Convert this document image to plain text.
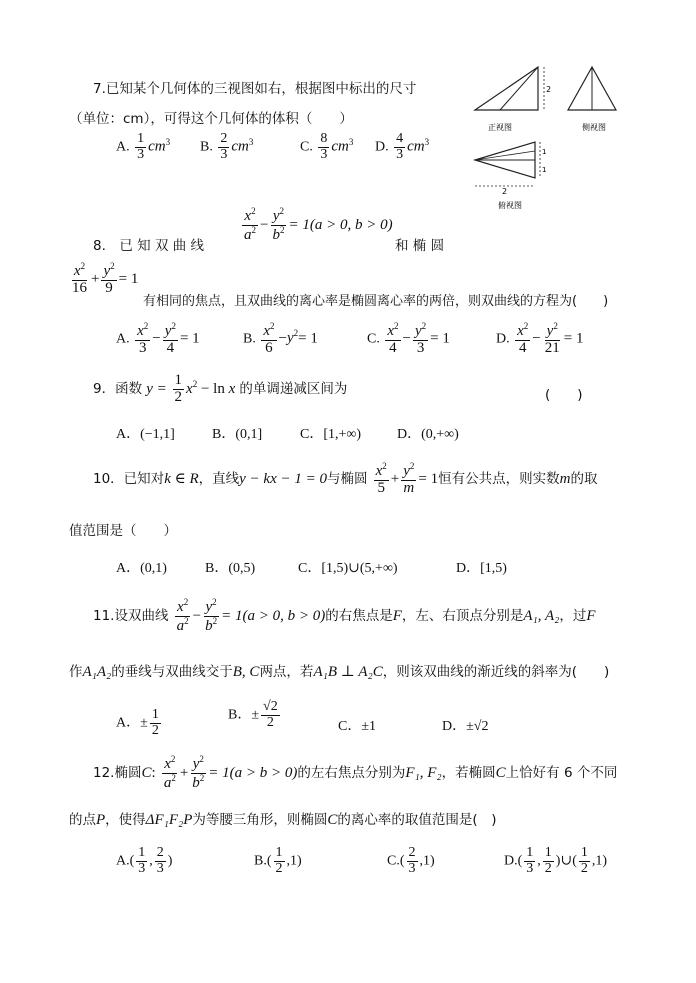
7.已知某个几何体的三视图如右，根据图中标出的尺寸
（单位：cm），可得这个几何体的体积（　　）
A. $\frac{1}{3} cm^3$ B. $\frac{2}{3} cm^3$	C. $\frac{8}{3} cm^3$ D. $\frac{4}{3} cm^3$
2
正视图	侧视图
1
1
2
俯视图
8.　已 知 双 曲 线
$\frac{x^2}{a^2} - \frac{y^2}{b^2} = 1(a > 0$, b > 0)
和 椭 圆
$\frac{x^2}{16} + \frac{y^2}{9} = 1$
有相同的焦点，且双曲线的离心率是椭圆离心率的两倍，则双曲线的方程为(　　)
A. $\frac{x^2}{3} - \frac{y^2}{4} = 1$	B. $\frac{x^2}{6} -y^2= 1$	C. $\frac{x^2}{4} - \frac{y^2}{3} = 1$	D. $\frac{x^2}{4} - \frac{y^2}{21} = 1$
9．函数 $y = \frac{1}{2} x^2 - \ln x$ 的单调递减区间为	(　　)
A．(−1,1]	B．(0,1]	C．[1,+∞)	D．(0,+∞)
10．已知对k ∈ R，直线y − kx − 1 = 0与椭圆 $\frac{x^2}{5} + \frac{y^2}{m} = 1$恒有公共点，则实数m的取
值范围是（　　）
A．(0,1)	B．(0,5)	C．[1,5)∪(5,+∞)	D．[1,5)
11.设双曲线 $\frac{x^2}{a^2} - \frac{y^2}{b^2} = 1(a > 0$, b > 0)的右焦点是F，左、右顶点分别是A₁, A₂，过F
作A₁A₂的垂线与双曲线交于B, C两点，若A₁B ⊥ A₂C，则该双曲线的渐近线的斜率为(　　)
A．± $\frac{1}{2}$	B．± $\frac{√2}{2}$	C．±1	D．±√2
12.椭圆C: $\frac{x^2}{a^2} + \frac{y^2}{b^2} = 1(a > b > 0)$的左右焦点分别为F₁, F₂，若椭圆C上恰好有 6 个不同
的点P，使得ΔF₁F₂P为等腰三角形，则椭圆C的离心率的取值范围是(　)
$A.( \frac{1}{3}$ , $\frac{2}{3}$ )	$B.( \frac{1}{2} ,1)$	$C.( \frac{2}{3} ,1)$	$D.( \frac{1}{3}$ , $\frac{1}{2}$ )∪( $\frac{1}{2} ,1$)
